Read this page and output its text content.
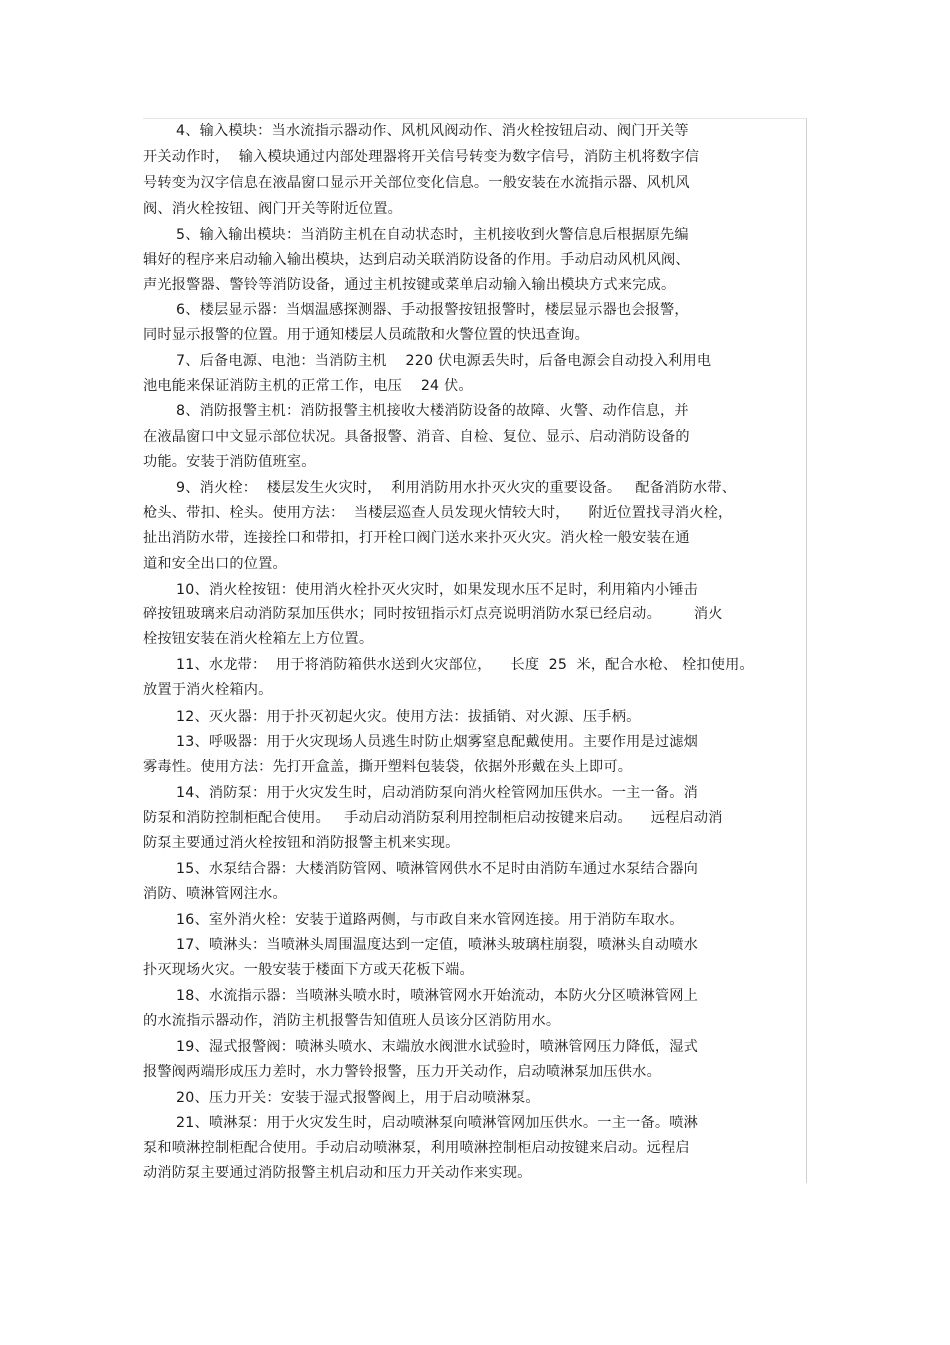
4、输入模块：当水流指示器动作、风机风阀动作、消火栓按钮启动、阀门开关等
开关动作时，  输入模块通过内部处理器将开关信号转变为数字信号，消防主机将数字信
号转变为汉字信息在液晶窗口显示开关部位变化信息。一般安装在水流指示器、风机风
阀、消火栓按钮、阀门开关等附近位置。
5、输入输出模块：当消防主机在自动状态时，主机接收到火警信息后根据原先编
辑好的程序来启动输入输出模块，达到启动关联消防设备的作用。手动启动风机风阀、
声光报警器、警铃等消防设备，通过主机按键或菜单启动输入输出模块方式来完成。
6、楼层显示器：当烟温感探测器、手动报警按钮报警时，楼层显示器也会报警，
同时显示报警的位置。用于通知楼层人员疏散和火警位置的快迅查询。
7、后备电源、电池：当消防主机    220 伏电源丢失时，后备电源会自动投入利用电
池电能来保证消防主机的正常工作，电压    24 伏。
8、消防报警主机：消防报警主机接收大楼消防设备的故障、火警、动作信息，并
在液晶窗口中文显示部位状况。具备报警、消音、自检、复位、显示、启动消防设备的
功能。安装于消防值班室。
9、消火栓：  楼层发生火灾时，  利用消防用水扑灭火灾的重要设备。   配备消防水带、
枪头、带扣、栓头。使用方法：  当楼层巡查人员发现火情较大时，    附近位置找寻消火栓，
扯出消防水带，连接拴口和带扣，打开栓口阀门送水来扑灭火灾。消火栓一般安装在通
道和安全出口的位置。
10、消火栓按钮：使用消火栓扑灭火灾时，如果发现水压不足时，利用箱内小锤击
碎按钮玻璃来启动消防泵加压供水；同时按钮指示灯点亮说明消防水泵已经启动。       消火
栓按钮安装在消火栓箱左上方位置。
11、水龙带：  用于将消防箱供水送到火灾部位，    长度  25  米，配合水枪、 栓扣使用。
放置于消火栓箱内。
12、灭火器：用于扑灭初起火灾。使用方法：拔插销、对火源、压手柄。
13、呼吸器：用于火灾现场人员逃生时防止烟雾窒息配戴使用。主要作用是过滤烟
雾毒性。使用方法：先打开盒盖，撕开塑料包装袋，依据外形戴在头上即可。
14、消防泵：用于火灾发生时，启动消防泵向消火栓管网加压供水。一主一备。消
防泵和消防控制柜配合使用。   手动启动消防泵利用控制柜启动按键来启动。    远程启动消
防泵主要通过消火栓按钮和消防报警主机来实现。
15、水泵结合器：大楼消防管网、喷淋管网供水不足时由消防车通过水泵结合器向
消防、喷淋管网注水。
16、室外消火栓：安装于道路两侧，与市政自来水管网连接。用于消防车取水。
17、喷淋头：当喷淋头周围温度达到一定值，喷淋头玻璃柱崩裂，喷淋头自动喷水
扑灭现场火灾。一般安装于楼面下方或天花板下端。
18、水流指示器：当喷淋头喷水时，喷淋管网水开始流动，本防火分区喷淋管网上
的水流指示器动作，消防主机报警告知值班人员该分区消防用水。
19、湿式报警阀：喷淋头喷水、末端放水阀泄水试验时，喷淋管网压力降低，湿式
报警阀两端形成压力差时，水力警铃报警，压力开关动作，启动喷淋泵加压供水。
20、压力开关：安装于湿式报警阀上，用于启动喷淋泵。
21、喷淋泵：用于火灾发生时，启动喷淋泵向喷淋管网加压供水。一主一备。喷淋
泵和喷淋控制柜配合使用。手动启动喷淋泵，利用喷淋控制柜启动按键来启动。远程启
动消防泵主要通过消防报警主机启动和压力开关动作来实现。
